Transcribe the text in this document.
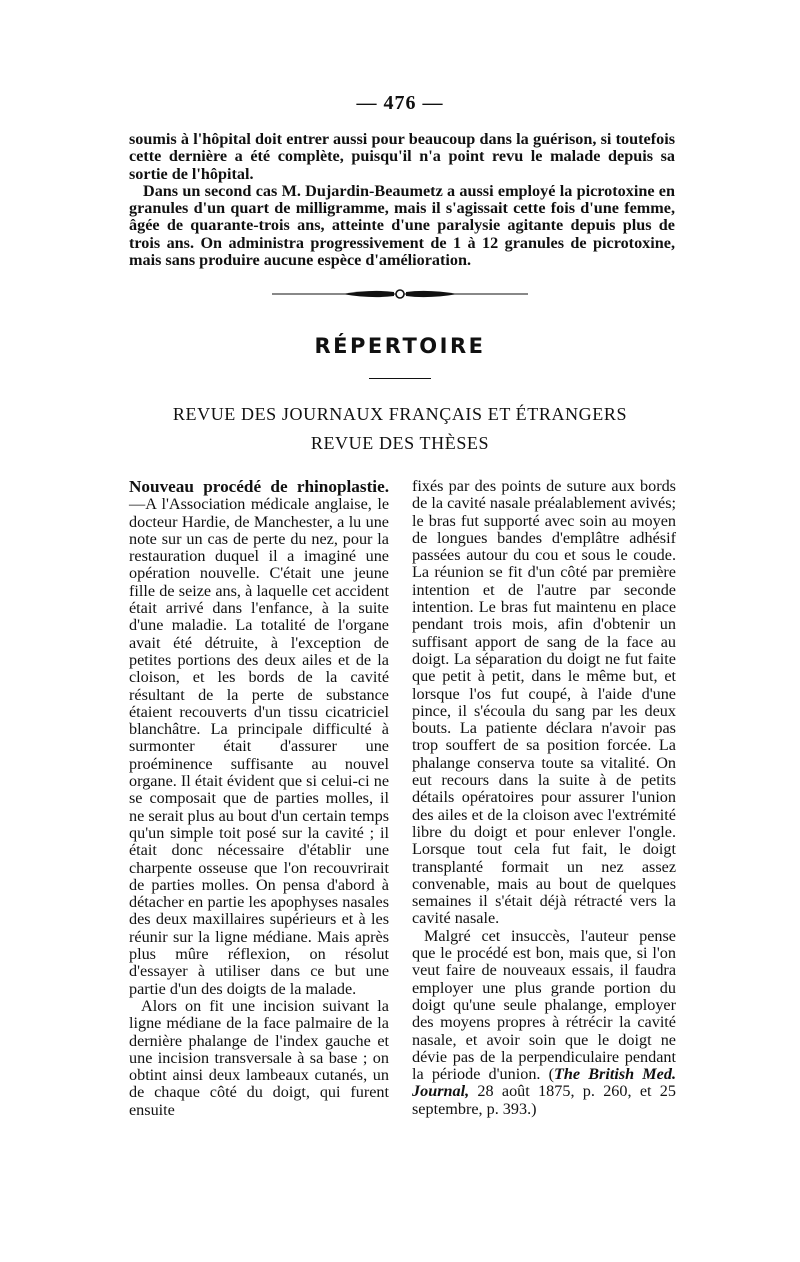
— 476 —

soumis à l'hôpital doit entrer aussi pour beaucoup dans la guérison, si toutefois cette dernière a été complète, puisqu'il n'a point revu le malade depuis sa sortie de l'hôpital.

Dans un second cas M. Dujardin-Beaumetz a aussi employé la picrotoxine en granules d'un quart de milligramme, mais il s'agissait cette fois d'une femme, âgée de quarante-trois ans, atteinte d'une paralysie agitante depuis plus de trois ans. On administra progressivement de 1 à 12 granules de picrotoxine, mais sans produire aucune espèce d'amélioration.

RÉPERTOIRE
REVUE DES JOURNAUX FRANÇAIS ET ÉTRANGERS
REVUE DES THÈSES

Nouveau procédé de rhinoplastie.—A l'Association médicale anglaise, le docteur Hardie, de Manchester, a lu une note sur un cas de perte du nez, pour la restauration duquel il a imaginé une opération nouvelle. C'était une jeune fille de seize ans, à laquelle cet accident était arrivé dans l'enfance, à la suite d'une maladie. La totalité de l'organe avait été détruite, à l'exception de petites portions des deux ailes et de la cloison, et les bords de la cavité résultant de la perte de substance étaient recouverts d'un tissu cicatriciel blanchâtre. La principale difficulté à surmonter était d'assurer une proéminence suffisante au nouvel organe. Il était évident que si celui-ci ne se composait que de parties molles, il ne serait plus au bout d'un certain temps qu'un simple toit posé sur la cavité ; il était donc nécessaire d'établir une charpente osseuse que l'on recouvrirait de parties molles. On pensa d'abord à détacher en partie les apophyses nasales des deux maxillaires supérieurs et à les réunir sur la ligne médiane. Mais après plus mûre réflexion, on résolut d'essayer à utiliser dans ce but une partie d'un des doigts de la malade.

Alors on fit une incision suivant la ligne médiane de la face palmaire de la dernière phalange de l'index gauche et une incision transversale à sa base ; on obtint ainsi deux lambeaux cutanés, un de chaque côté du doigt, qui furent ensuite

fixés par des points de suture aux bords de la cavité nasale préalablement avivés; le bras fut supporté avec soin au moyen de longues bandes d'emplâtre adhésif passées autour du cou et sous le coude. La réunion se fit d'un côté par première intention et de l'autre par seconde intention. Le bras fut maintenu en place pendant trois mois, afin d'obtenir un suffisant apport de sang de la face au doigt. La séparation du doigt ne fut faite que petit à petit, dans le même but, et lorsque l'os fut coupé, à l'aide d'une pince, il s'écoula du sang par les deux bouts. La patiente déclara n'avoir pas trop souffert de sa position forcée. La phalange conserva toute sa vitalité. On eut recours dans la suite à de petits détails opératoires pour assurer l'union des ailes et de la cloison avec l'extrémité libre du doigt et pour enlever l'ongle. Lorsque tout cela fut fait, le doigt transplanté formait un nez assez convenable, mais au bout de quelques semaines il s'était déjà rétracté vers la cavité nasale.

Malgré cet insuccès, l'auteur pense que le procédé est bon, mais que, si l'on veut faire de nouveaux essais, il faudra employer une plus grande portion du doigt qu'une seule phalange, employer des moyens propres à rétrécir la cavité nasale, et avoir soin que le doigt ne dévie pas de la perpendiculaire pendant la période d'union. (The British Med. Journal, 28 août 1875, p. 260, et 25 septembre, p. 393.)
